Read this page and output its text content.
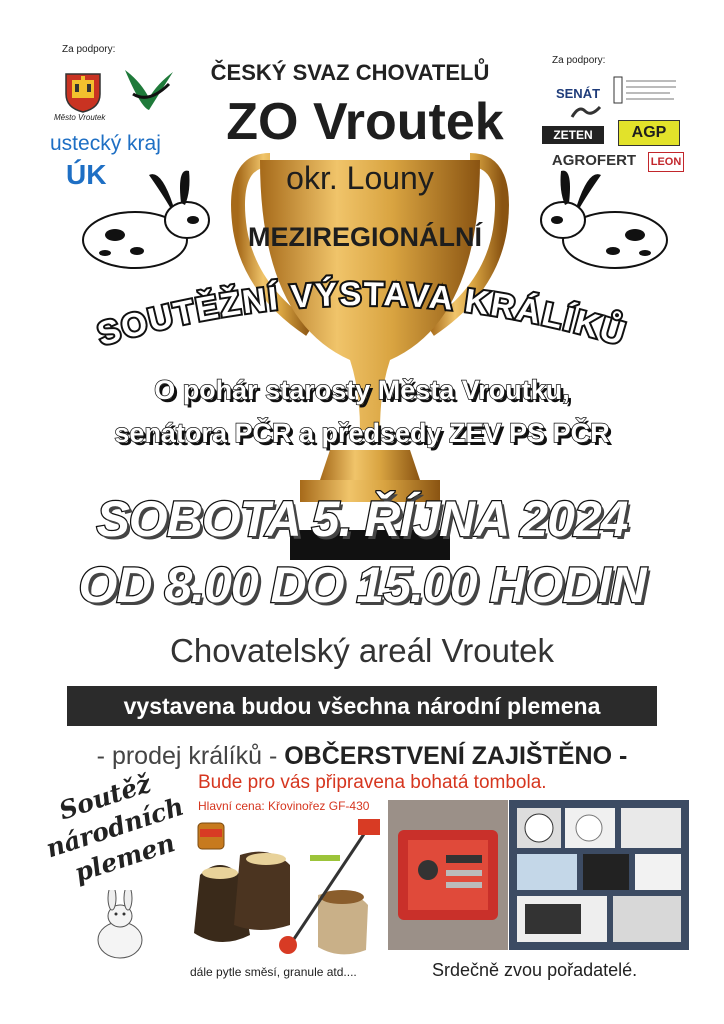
Za podpory:
Město Vroutek
ustecký kraj
ÚK
Za podpory:
SENÁT
ZETEN	AGP
AGROFERT	LEON
ČESKÝ SVAZ CHOVATELŮ
ZO Vroutek
okr. Louny
MEZIREGIONÁLNÍ
SOUTĚŽNÍ VÝSTAVA KRÁLÍKŮ
O pohár starosty Města Vroutku,
senátora PČR a předsedy ZEV PS PČR
SOBOTA 5. ŘÍJNA 2024
OD 8.00 DO 15.00 HODIN
Chovatelský areál Vroutek
vystavena budou všechna národní plemena
- prodej králíků - OBČERSTVENÍ ZAJIŠTĚNO -
Bude pro vás připravena bohatá tombola.
Hlavní cena: Křovinořez GF-430
Soutěž národních plemen
dále pytle směsí, granule atd....	Srdečně zvou pořadatelé.
